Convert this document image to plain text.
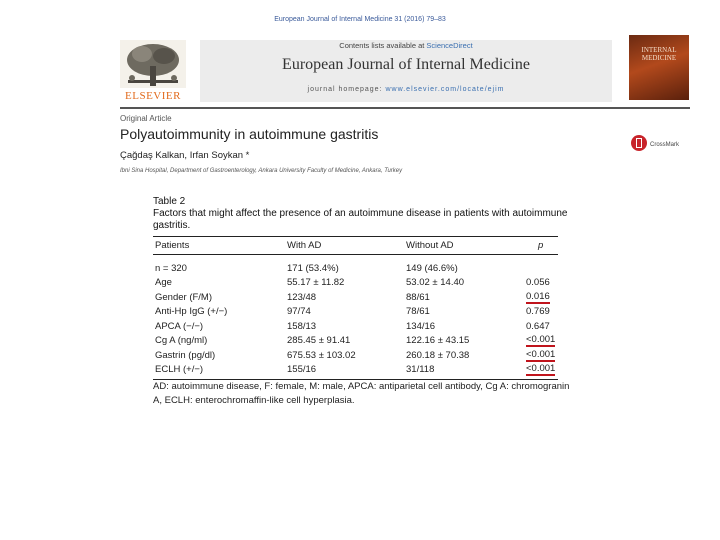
European Journal of Internal Medicine 31 (2016) 79–83
ELSEVIER
Contents lists available at ScienceDirect
European Journal of Internal Medicine
journal homepage: www.elsevier.com/locate/ejim
INTERNAL MEDICINE
Original Article
Polyautoimmunity in autoimmune gastritis
Çağdaş Kalkan, Irfan Soykan *
Ibni Sina Hospital, Department of Gastroenterology, Ankara University Faculty of Medicine, Ankara, Turkey
CrossMark
Table 2
Factors that might affect the presence of an autoimmune disease in patients with autoimmune gastritis.
Patients	With AD	Without AD	p
n = 320	171 (53.4%)	149 (46.6%)	
Age	55.17 ± 11.82	53.02 ± 14.40	0.056
Gender (F/M)	123/48	88/61	0.016
Anti-Hp IgG (+/−)	97/74	78/61	0.769
APCA (−/−)	158/13	134/16	0.647
Cg A (ng/ml)	285.45 ± 91.41	122.16 ± 43.15	<0.001
Gastrin (pg/dl)	675.53 ± 103.02	260.18 ± 70.38	<0.001
ECLH (+/−)	155/16	31/118	<0.001
AD: autoimmune disease, F: female, M: male, APCA: antiparietal cell antibody, Cg A: chromogranin A, ECLH: enterochromaffin-like cell hyperplasia.
